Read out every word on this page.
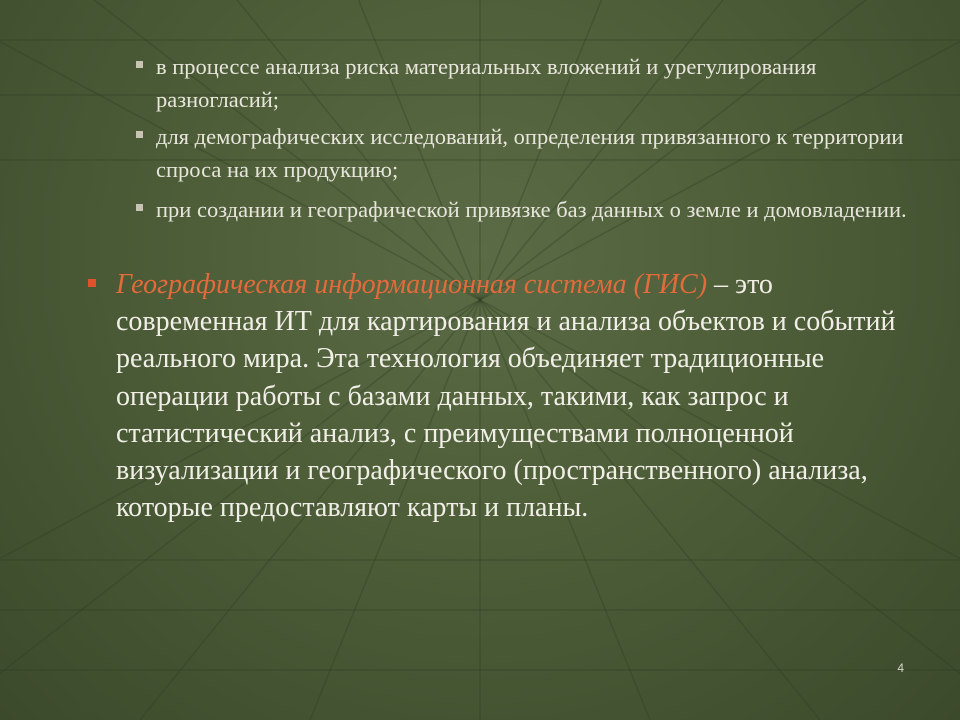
в процессе анализа риска материальных вложений и урегулирования разногласий;
для демографических исследований, определения привязанного к территории спроса на их продукцию;
при создании и географической привязке баз данных о земле и домовладении.
Географическая информационная система (ГИС) – это современная ИТ для картирования и анализа объектов и событий реального мира. Эта технология объединяет традиционные операции работы с базами данных, такими, как запрос и статистический анализ, с преимуществами полноценной визуализации и географического (пространственного) анализа, которые предоставляют карты и планы.
4
